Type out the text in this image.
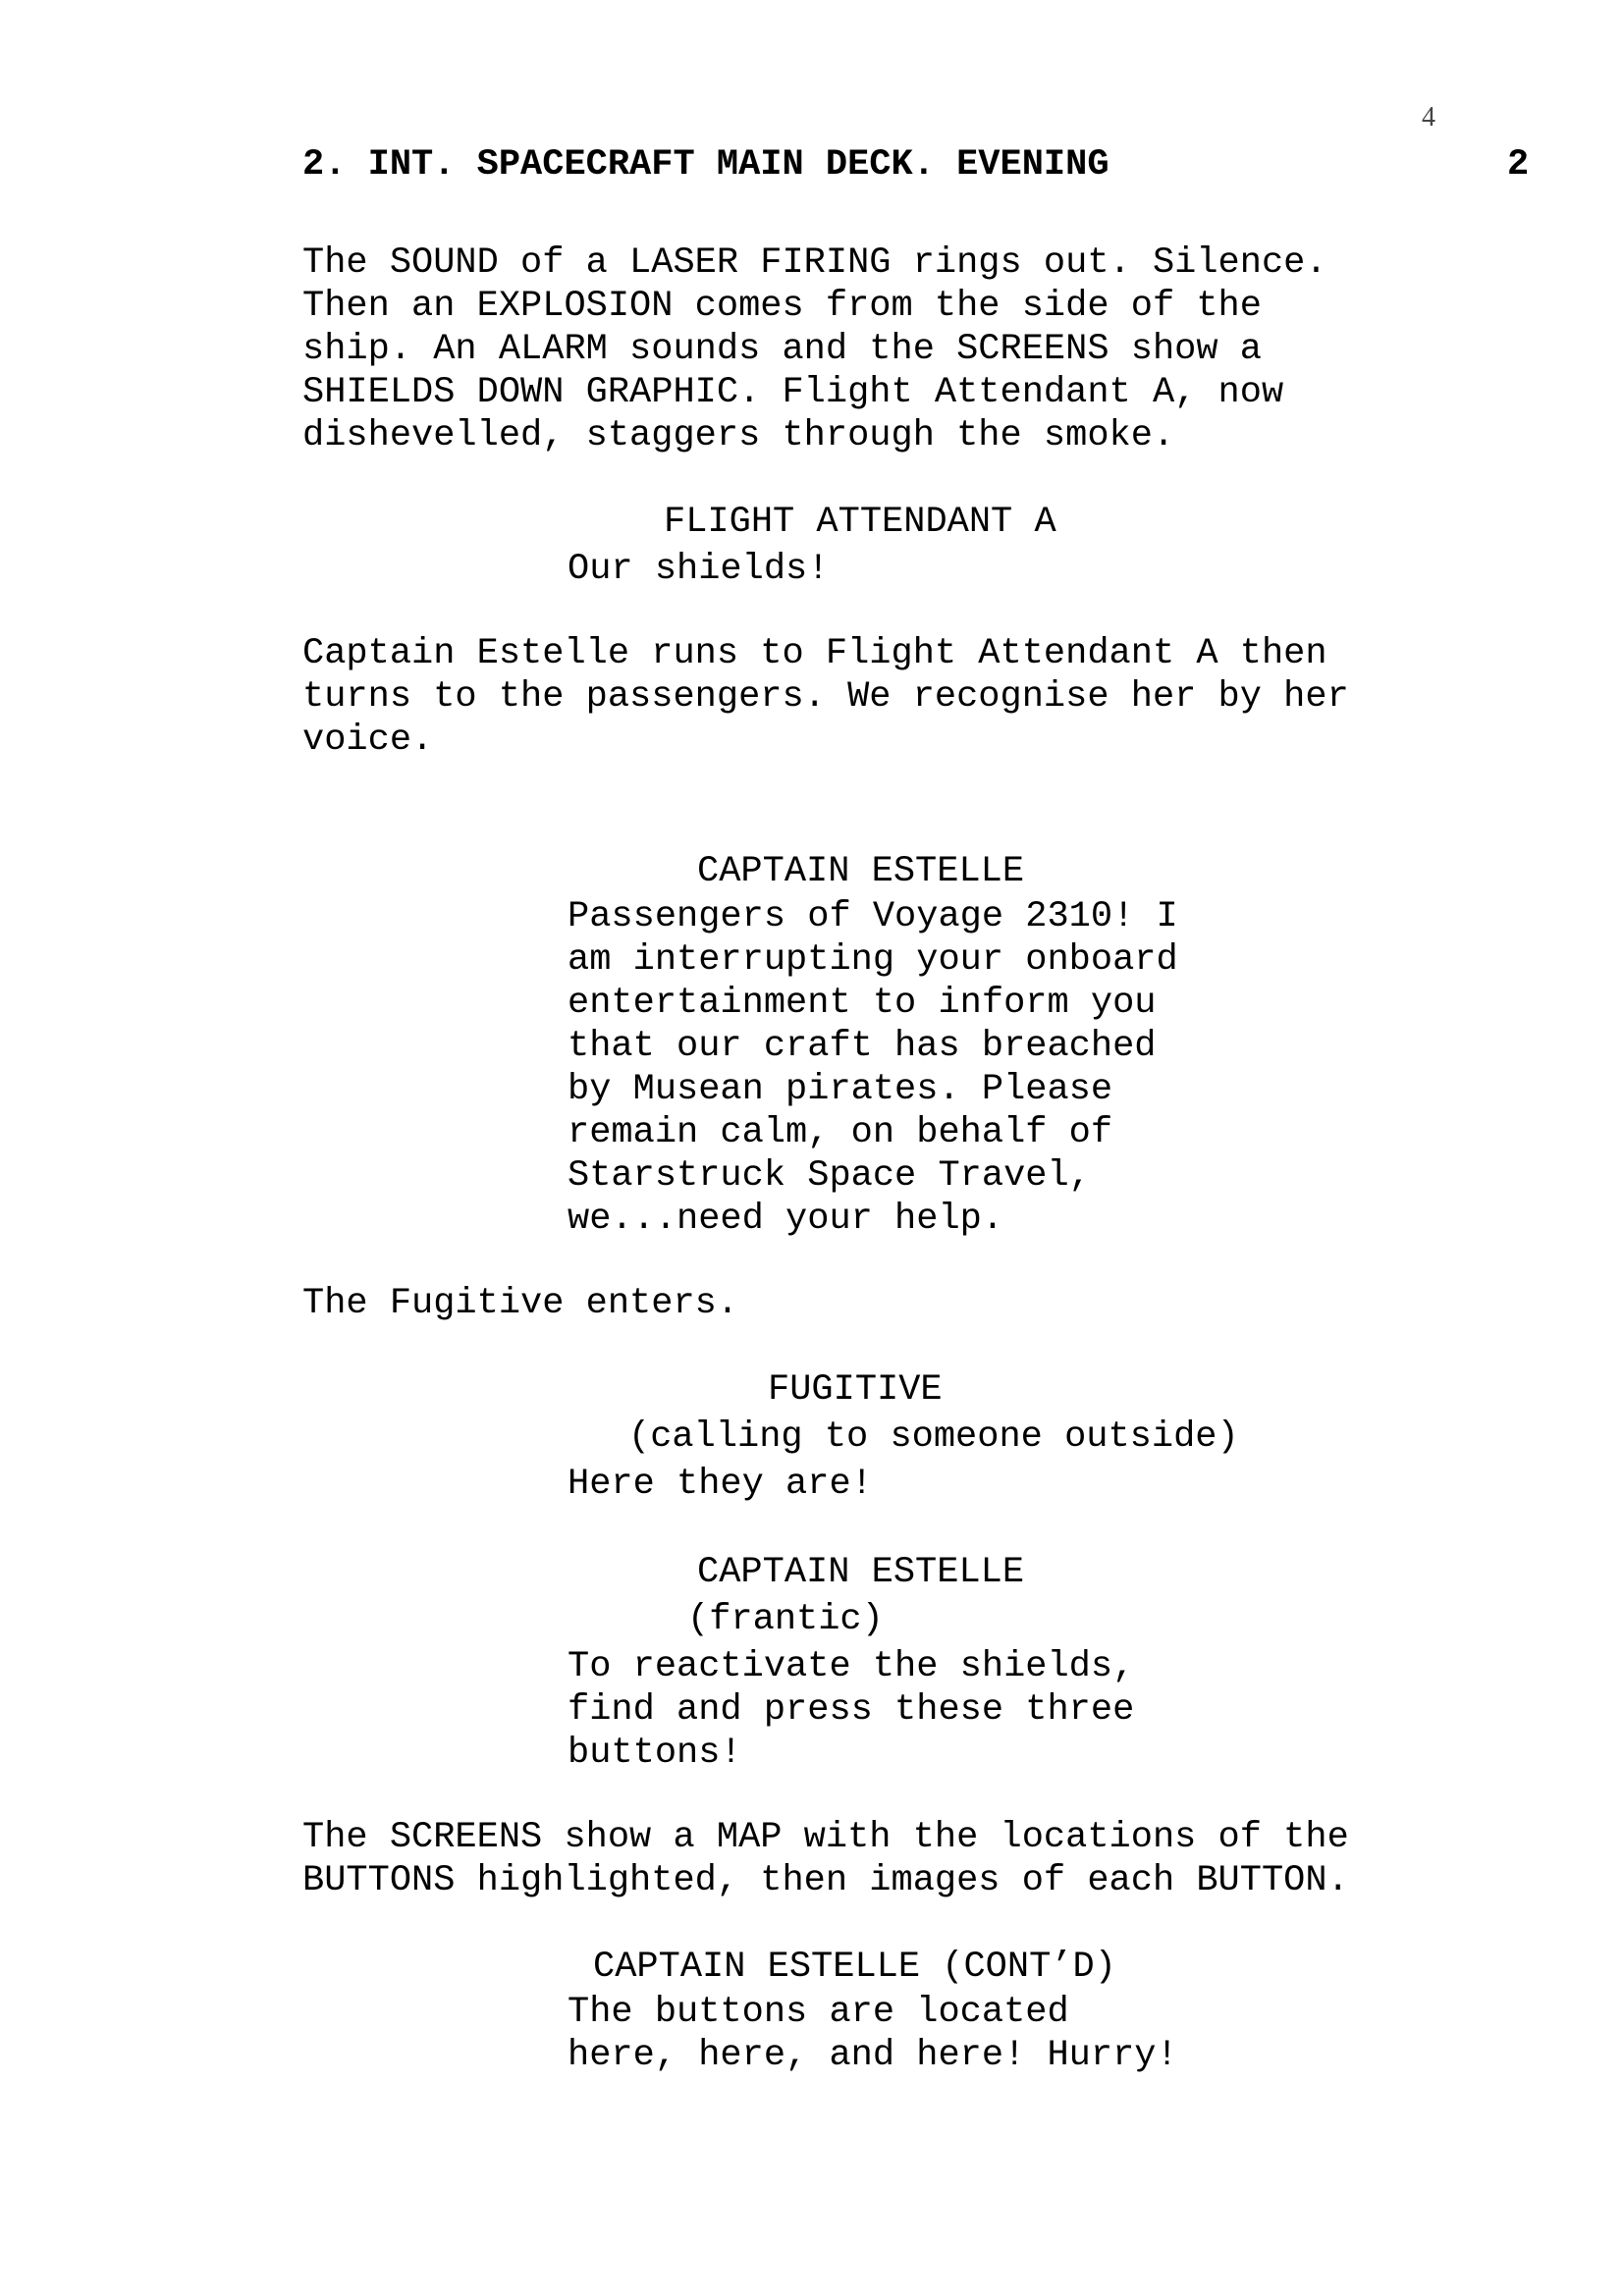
4
2. INT. SPACECRAFT MAIN DECK. EVENING	2
The SOUND of a LASER FIRING rings out. Silence.
Then an EXPLOSION comes from the side of the
ship. An ALARM sounds and the SCREENS show a
SHIELDS DOWN GRAPHIC. Flight Attendant A, now
dishevelled, staggers through the smoke.
FLIGHT ATTENDANT A
Our shields!
Captain Estelle runs to Flight Attendant A then
turns to the passengers. We recognise her by her
voice.
CAPTAIN ESTELLE
Passengers of Voyage 2310! I
am interrupting your onboard
entertainment to inform you
that our craft has breached
by Musean pirates. Please
remain calm, on behalf of
Starstruck Space Travel,
we...need your help.
The Fugitive enters.
FUGITIVE
(calling to someone outside)
Here they are!
CAPTAIN ESTELLE
(frantic)
To reactivate the shields,
find and press these three
buttons!
The SCREENS show a MAP with the locations of the
BUTTONS highlighted, then images of each BUTTON.
CAPTAIN ESTELLE (CONT’D)
The buttons are located
here, here, and here! Hurry!
